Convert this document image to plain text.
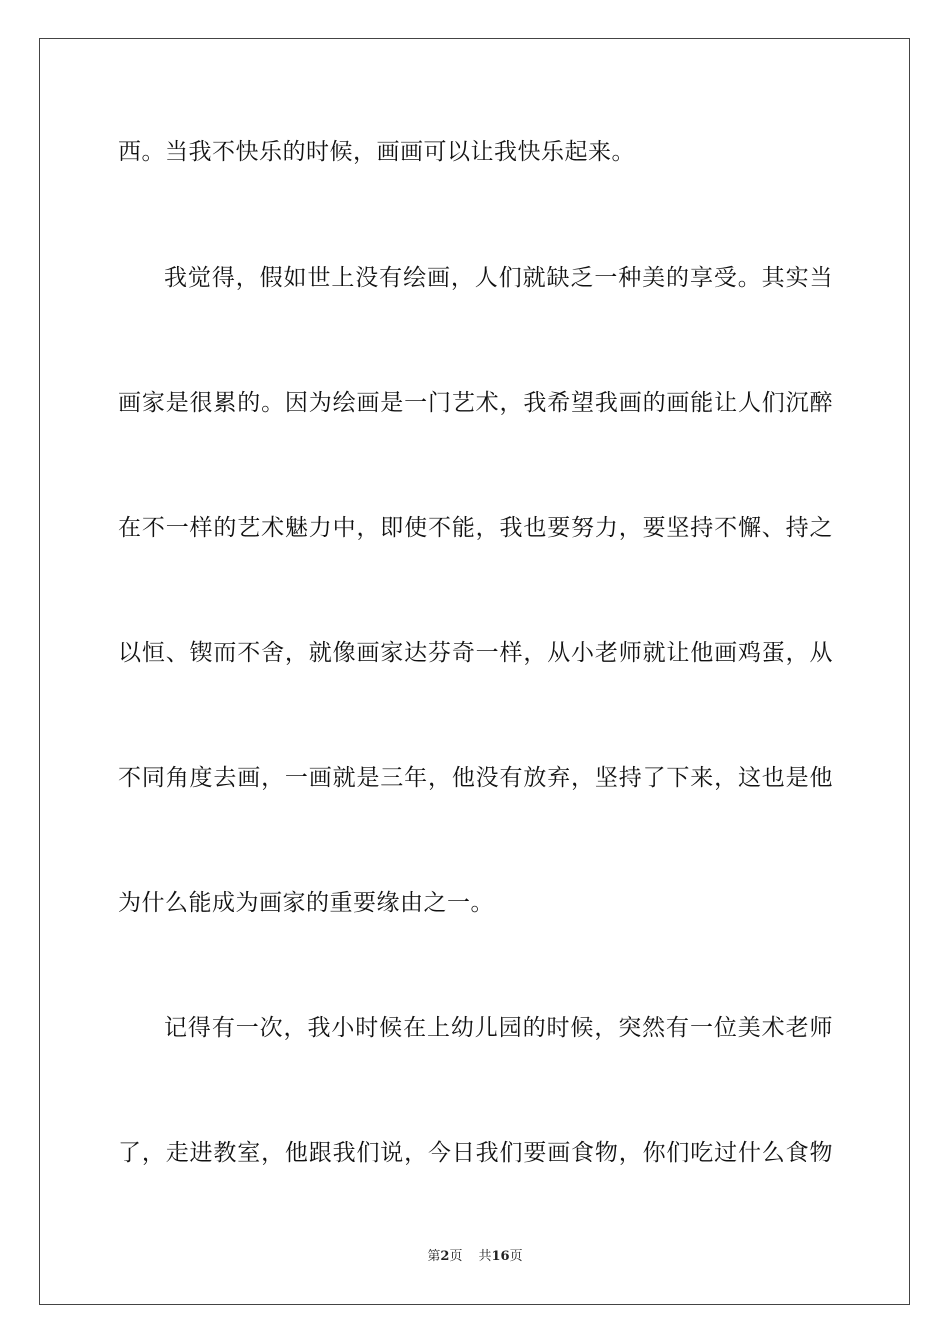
西。当我不快乐的时候，画画可以让我快乐起来。
我觉得，假如世上没有绘画，人们就缺乏一种美的享受。其实当
画家是很累的。因为绘画是一门艺术，我希望我画的画能让人们沉醉
在不一样的艺术魅力中，即使不能，我也要努力，要坚持不懈、持之
以恒、锲而不舍，就像画家达芬奇一样，从小老师就让他画鸡蛋，从
不同角度去画，一画就是三年，他没有放弃，坚持了下来，这也是他
为什么能成为画家的重要缘由之一。
记得有一次，我小时候在上幼儿园的时候，突然有一位美术老师
了，走进教室，他跟我们说，今日我们要画食物，你们吃过什么食物
第2页 共16页
